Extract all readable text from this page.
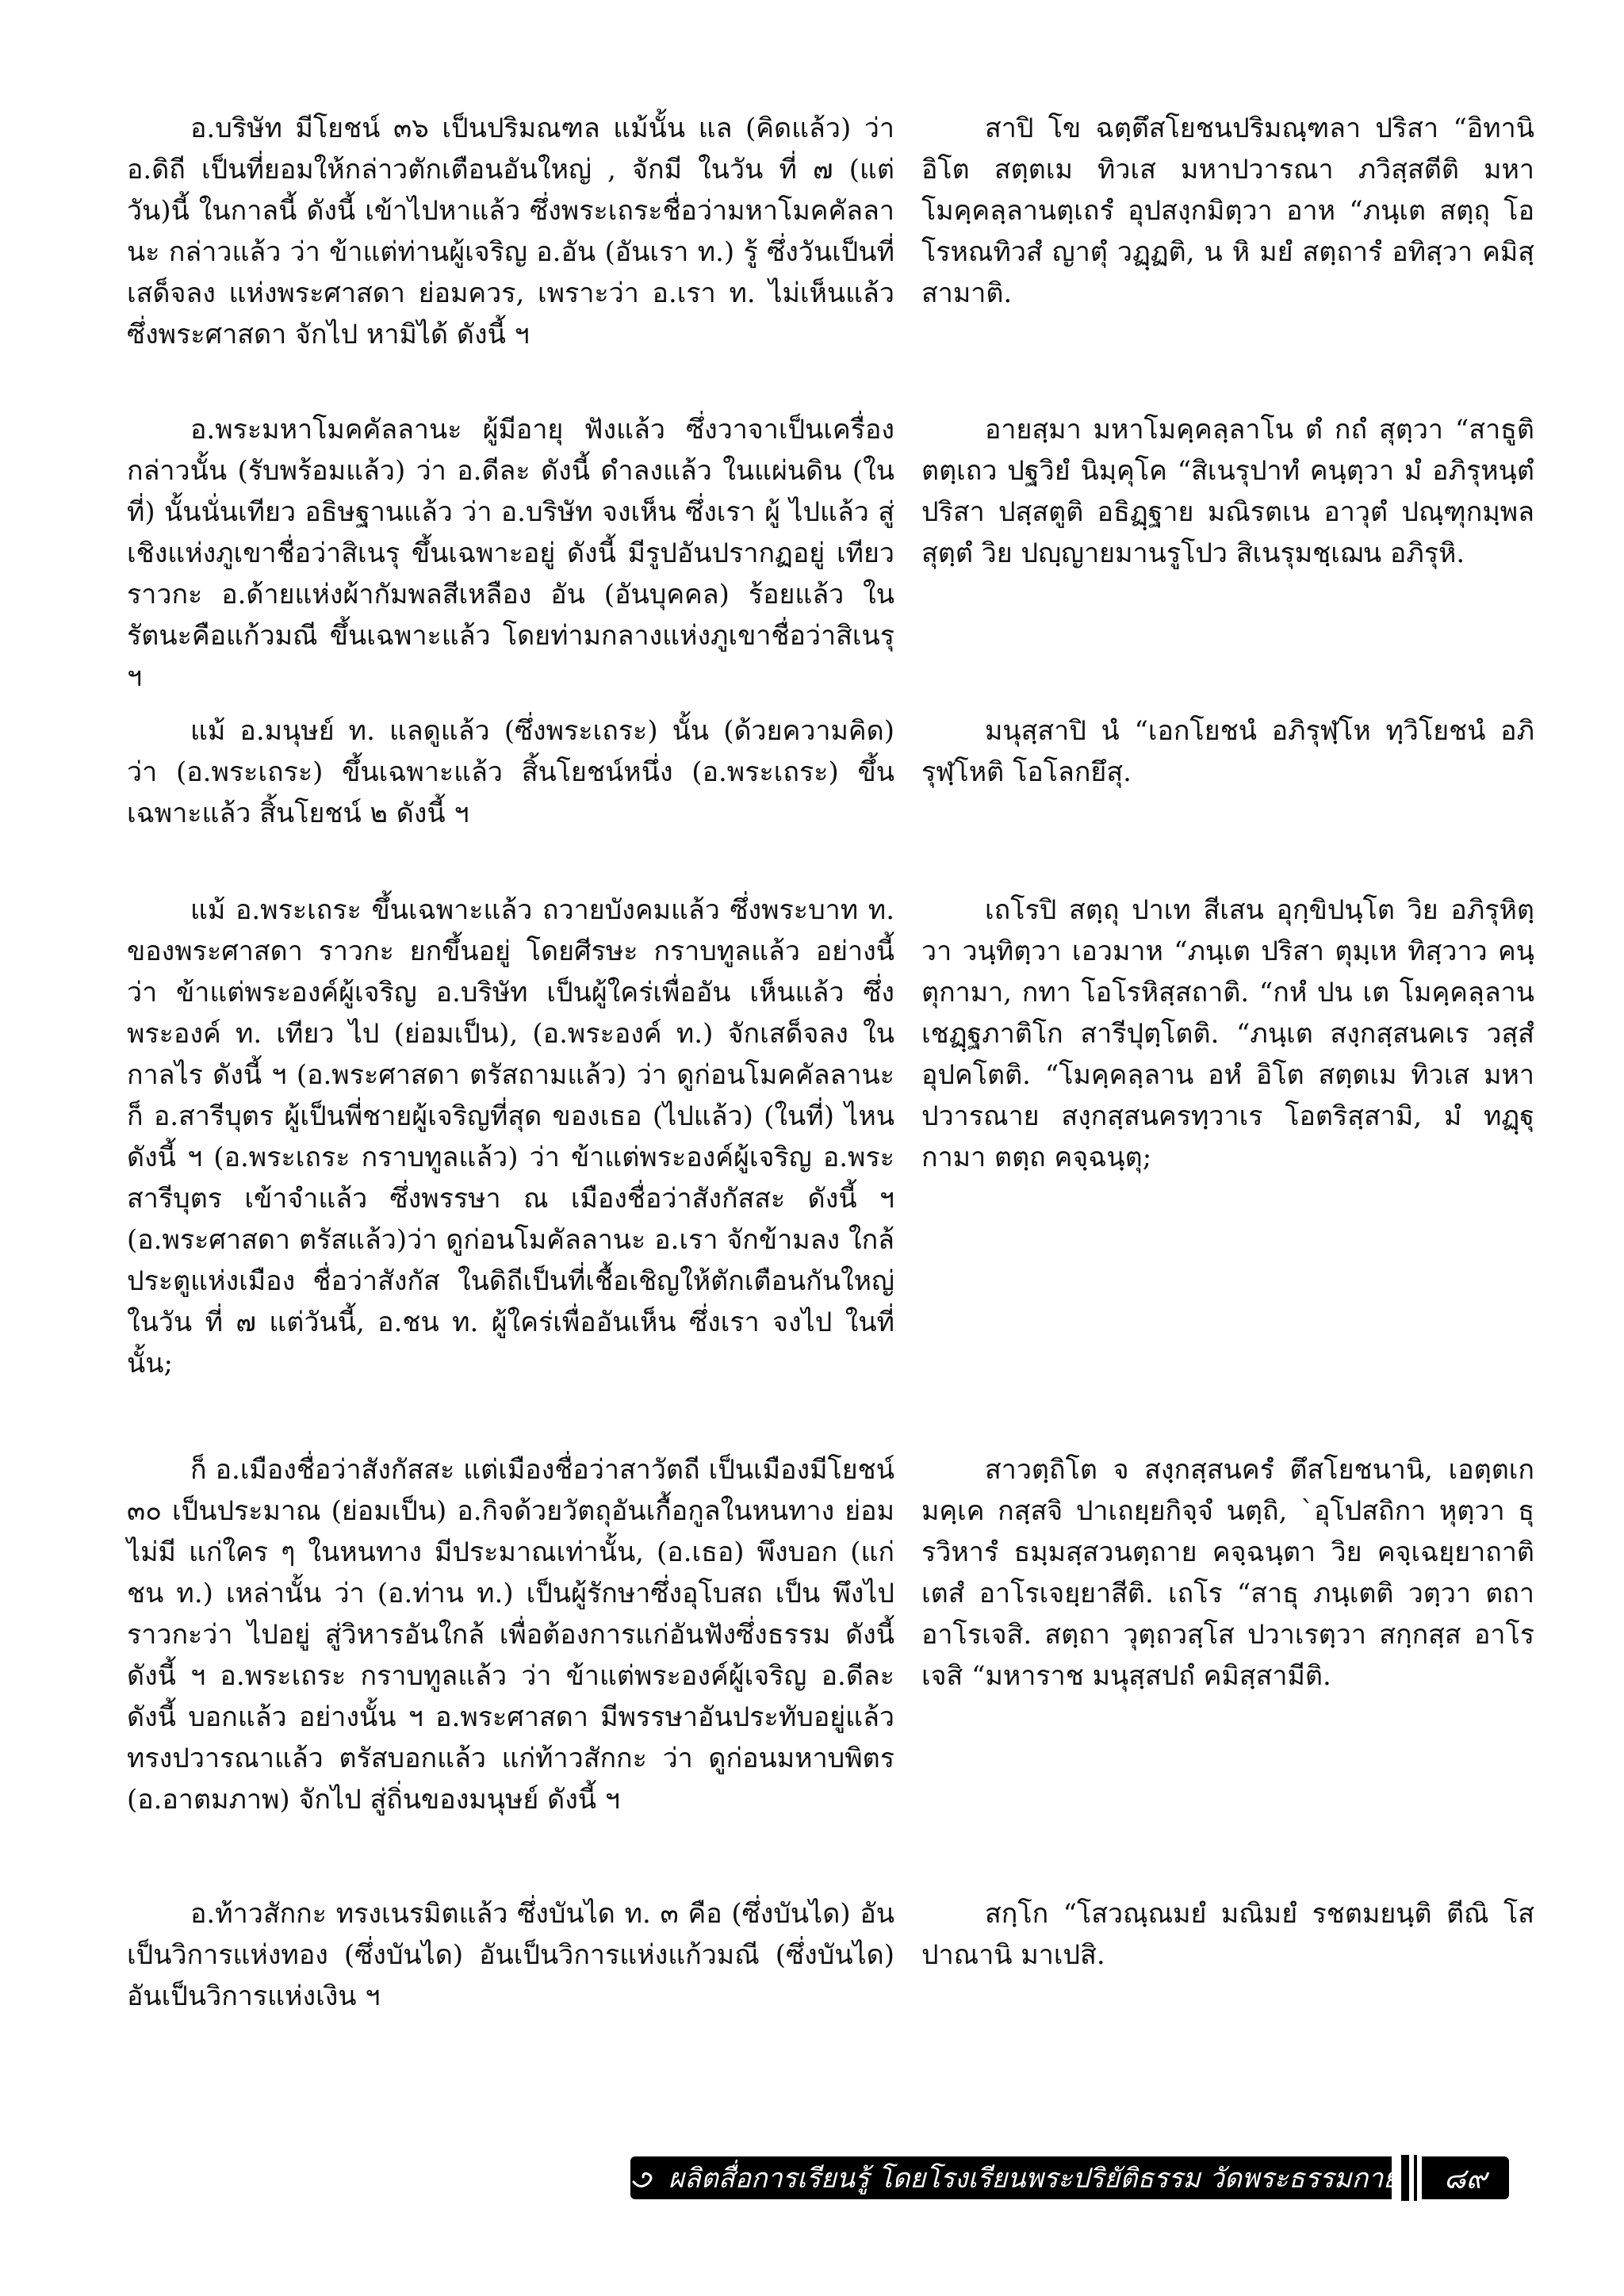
อ.บริษัท มีโยชน์ ๓๖ เป็นปริมณฑล แม้นั้น แล (คิดแล้ว) ว่า อ.ดิถี เป็นที่ยอมให้กล่าวตักเตือนอันใหญ่ , จักมี ในวัน ที่ ๗ (แต่วัน)นี้ ในกาลนี้ ดังนี้ เข้าไปหาแล้ว ซึ่งพระเถระชื่อว่ามหาโมคคัลลานะ กล่าวแล้ว ว่า ข้าแต่ท่านผู้เจริญ อ.อัน (อันเรา ท.) รู้ ซึ่งวันเป็นที่เสด็จลง แห่งพระศาสดา ย่อมควร, เพราะว่า อ.เรา ท. ไม่เห็นแล้ว ซึ่งพระศาสดา จักไป หามิได้ ดังนี้ ฯ

อ.พระมหาโมคคัลลานะ ผู้มีอายุ ฟังแล้ว ซึ่งวาจาเป็นเครื่องกล่าวนั้น (รับพร้อมแล้ว) ว่า อ.ดีละ ดังนี้ ดำลงแล้ว ในแผ่นดิน (ในที่) นั้นนั่นเทียว อธิษฐานแล้ว ว่า อ.บริษัท จงเห็น ซึ่งเรา ผู้ ไปแล้ว สู่เชิงแห่งภูเขาชื่อว่าสิเนรุ ขึ้นเฉพาะอยู่ ดังนี้ มีรูปอันปรากฏอยู่ เทียว ราวกะ อ.ด้ายแห่งผ้ากัมพลสีเหลือง อัน (อันบุคคล) ร้อยแล้ว ในรัตนะคือแก้วมณี ขึ้นเฉพาะแล้ว โดยท่ามกลางแห่งภูเขาชื่อว่าสิเนรุ ฯ

แม้ อ.มนุษย์ ท. แลดูแล้ว (ซึ่งพระเถระ) นั้น (ด้วยความคิด) ว่า (อ.พระเถระ) ขึ้นเฉพาะแล้ว สิ้นโยชน์หนึ่ง (อ.พระเถระ) ขึ้นเฉพาะแล้ว สิ้นโยชน์ ๒ ดังนี้ ฯ

แม้ อ.พระเถระ ขึ้นเฉพาะแล้ว ถวายบังคมแล้ว ซึ่งพระบาท ท. ของพระศาสดา ราวกะ ยกขึ้นอยู่ โดยศีรษะ กราบทูลแล้ว อย่างนี้ ว่า ข้าแต่พระองค์ผู้เจริญ อ.บริษัท เป็นผู้ใคร่เพื่ออัน เห็นแล้ว ซึ่งพระองค์ ท. เทียว ไป (ย่อมเป็น), (อ.พระองค์ ท.) จักเสด็จลง ในกาลไร ดังนี้ ฯ (อ.พระศาสดา ตรัสถามแล้ว) ว่า ดูก่อนโมคคัลลานะ ก็ อ.สารีบุตร ผู้เป็นพี่ชายผู้เจริญที่สุด ของเธอ (ไปแล้ว) (ในที่) ไหน ดังนี้ ฯ (อ.พระเถระ กราบทูลแล้ว) ว่า ข้าแต่พระองค์ผู้เจริญ อ.พระสารีบุตร เข้าจำแล้ว ซึ่งพรรษา ณ เมืองชื่อว่าสังกัสสะ ดังนี้ ฯ (อ.พระศาสดา ตรัสแล้ว)ว่า ดูก่อนโมคัลลานะ อ.เรา จักข้ามลง ใกล้ประตูแห่งเมือง ชื่อว่าสังกัส ในดิถีเป็นที่เชื้อเชิญให้ตักเตือนกันใหญ่ ในวัน ที่ ๗ แต่วันนี้, อ.ชน ท. ผู้ใคร่เพื่ออันเห็น ซึ่งเรา จงไป ในที่นั้น;

ก็ อ.เมืองชื่อว่าสังกัสสะ แต่เมืองชื่อว่าสาวัตถี เป็นเมืองมีโยชน์ ๓๐ เป็นประมาณ (ย่อมเป็น) อ.กิจด้วยวัตถุอันเกื้อกูลในหนทาง ย่อมไม่มี แก่ใคร ๆ ในหนทาง มีประมาณเท่านั้น, (อ.เธอ) พึงบอก (แก่ชน ท.) เหล่านั้น ว่า (อ.ท่าน ท.) เป็นผู้รักษาซึ่งอุโบสถ เป็น พึงไป ราวกะว่า ไปอยู่ สู่วิหารอันใกล้ เพื่อต้องการแก่อันฟังซึ่งธรรม ดังนี้ ดังนี้ ฯ อ.พระเถระ กราบทูลแล้ว ว่า ข้าแต่พระองค์ผู้เจริญ อ.ดีละ ดังนี้ บอกแล้ว อย่างนั้น ฯ อ.พระศาสดา มีพรรษาอันประทับอยู่แล้ว ทรงปวารณาแล้ว ตรัสบอกแล้ว แก่ท้าวสักกะ ว่า ดูก่อนมหาบพิตร (อ.อาตมภาพ) จักไป สู่ถิ่นของมนุษย์ ดังนี้ ฯ

อ.ท้าวสักกะ ทรงเนรมิตแล้ว ซึ่งบันได ท. ๓ คือ (ซึ่งบันได) อันเป็นวิการแห่งทอง (ซึ่งบันได) อันเป็นวิการแห่งแก้วมณี (ซึ่งบันได) อันเป็นวิการแห่งเงิน ฯ

สาปิ โข ฉตฺตึสโยชนปริมณฺฑลา ปริสา “อิทานิ อิโต สตฺตเม ทิวเส มหาปวารณา ภวิสฺสตีติ มหาโมคฺคลฺลานตฺเถรํ อุปสงฺกมิตฺวา อาห “ภนฺเต สตฺถุ โอโรหณทิวสํ ญาตุํ วฏฺฏติ, น หิ มยํ สตฺถารํ อทิสฺวา คมิสฺสามาติ.

อายสฺมา มหาโมคฺคลฺลาโน ตํ กถํ สุตฺวา “สาธูติ ตตฺเถว ปฐวิยํ นิมฺคุโค “สิเนรุปาทํ คนฺตฺวา มํ อภิรุหนฺตํ ปริสา ปสฺสตูติ อธิฏฺฐาย มณิรตเน อาวุตํ ปณฺฑุกมฺพลสุตฺตํ วิย ปญฺญายมานรูโปว สิเนรุมชฺเฌน อภิรุหิ.

มนุสฺสาปิ นํ “เอกโยชนํ อภิรุฬฺโห ทฺวิโยชนํ อภิรุฬฺโหติ โอโลกยึสุ.

เถโรปิ สตฺถุ ปาเท สีเสน อุกฺขิปนฺโต วิย อภิรุหิตฺวา วนฺทิตฺวา เอวมาห “ภนฺเต ปริสา ตุมฺเห ทิสฺวาว คนฺตุกามา, กทา โอโรหิสฺสถาติ. “กหํ ปน เต โมคฺคลฺลาน เชฏฺฐภาติโก สารีปุตฺโตติ. “ภนฺเต สงฺกสฺสนคเร วสฺสํ อุปคโตติ. “โมคฺคลฺลาน อหํ อิโต สตฺตเม ทิวเส มหาปวารณาย สงฺกสฺสนครทฺวาเร โอตริสฺสามิ, มํ ทฏฺฐุกามา ตตฺถ คจฺฉนฺตุ;

สาวตฺถิโต จ สงฺกสฺสนครํ ตึสโยชนานิ, เอตฺตเก มคฺเค กสฺสจิ ปาเถยฺยกิจฺจํ นตฺถิ, `อุโปสถิกา หุตฺวา ธุรวิหารํ ธมฺมสฺสวนตฺถาย คจฺฉนฺตา วิย คจฺเฉยฺยาถาติ เตสํ อาโรเจยฺยาสีติ. เถโร “สาธุ ภนฺเตติ วตฺวา ตถา อาโรเจสิ. สตฺถา วุตฺถวสฺโส ปวาเรตฺวา สกฺกสฺส อาโรเจสิ “มหาราช มนุสฺสปถํ คมิสฺสามีติ.

สกฺโก “โสวณฺณมยํ มณิมยํ รชตมยนฺติ ตีณิ โสปาณานิ มาเปสิ.

ผลิตสื่อการเรียนรู้ โดยโรงเรียนพระปริยัติธรรม วัดพระธรรมกาย	๘๙
